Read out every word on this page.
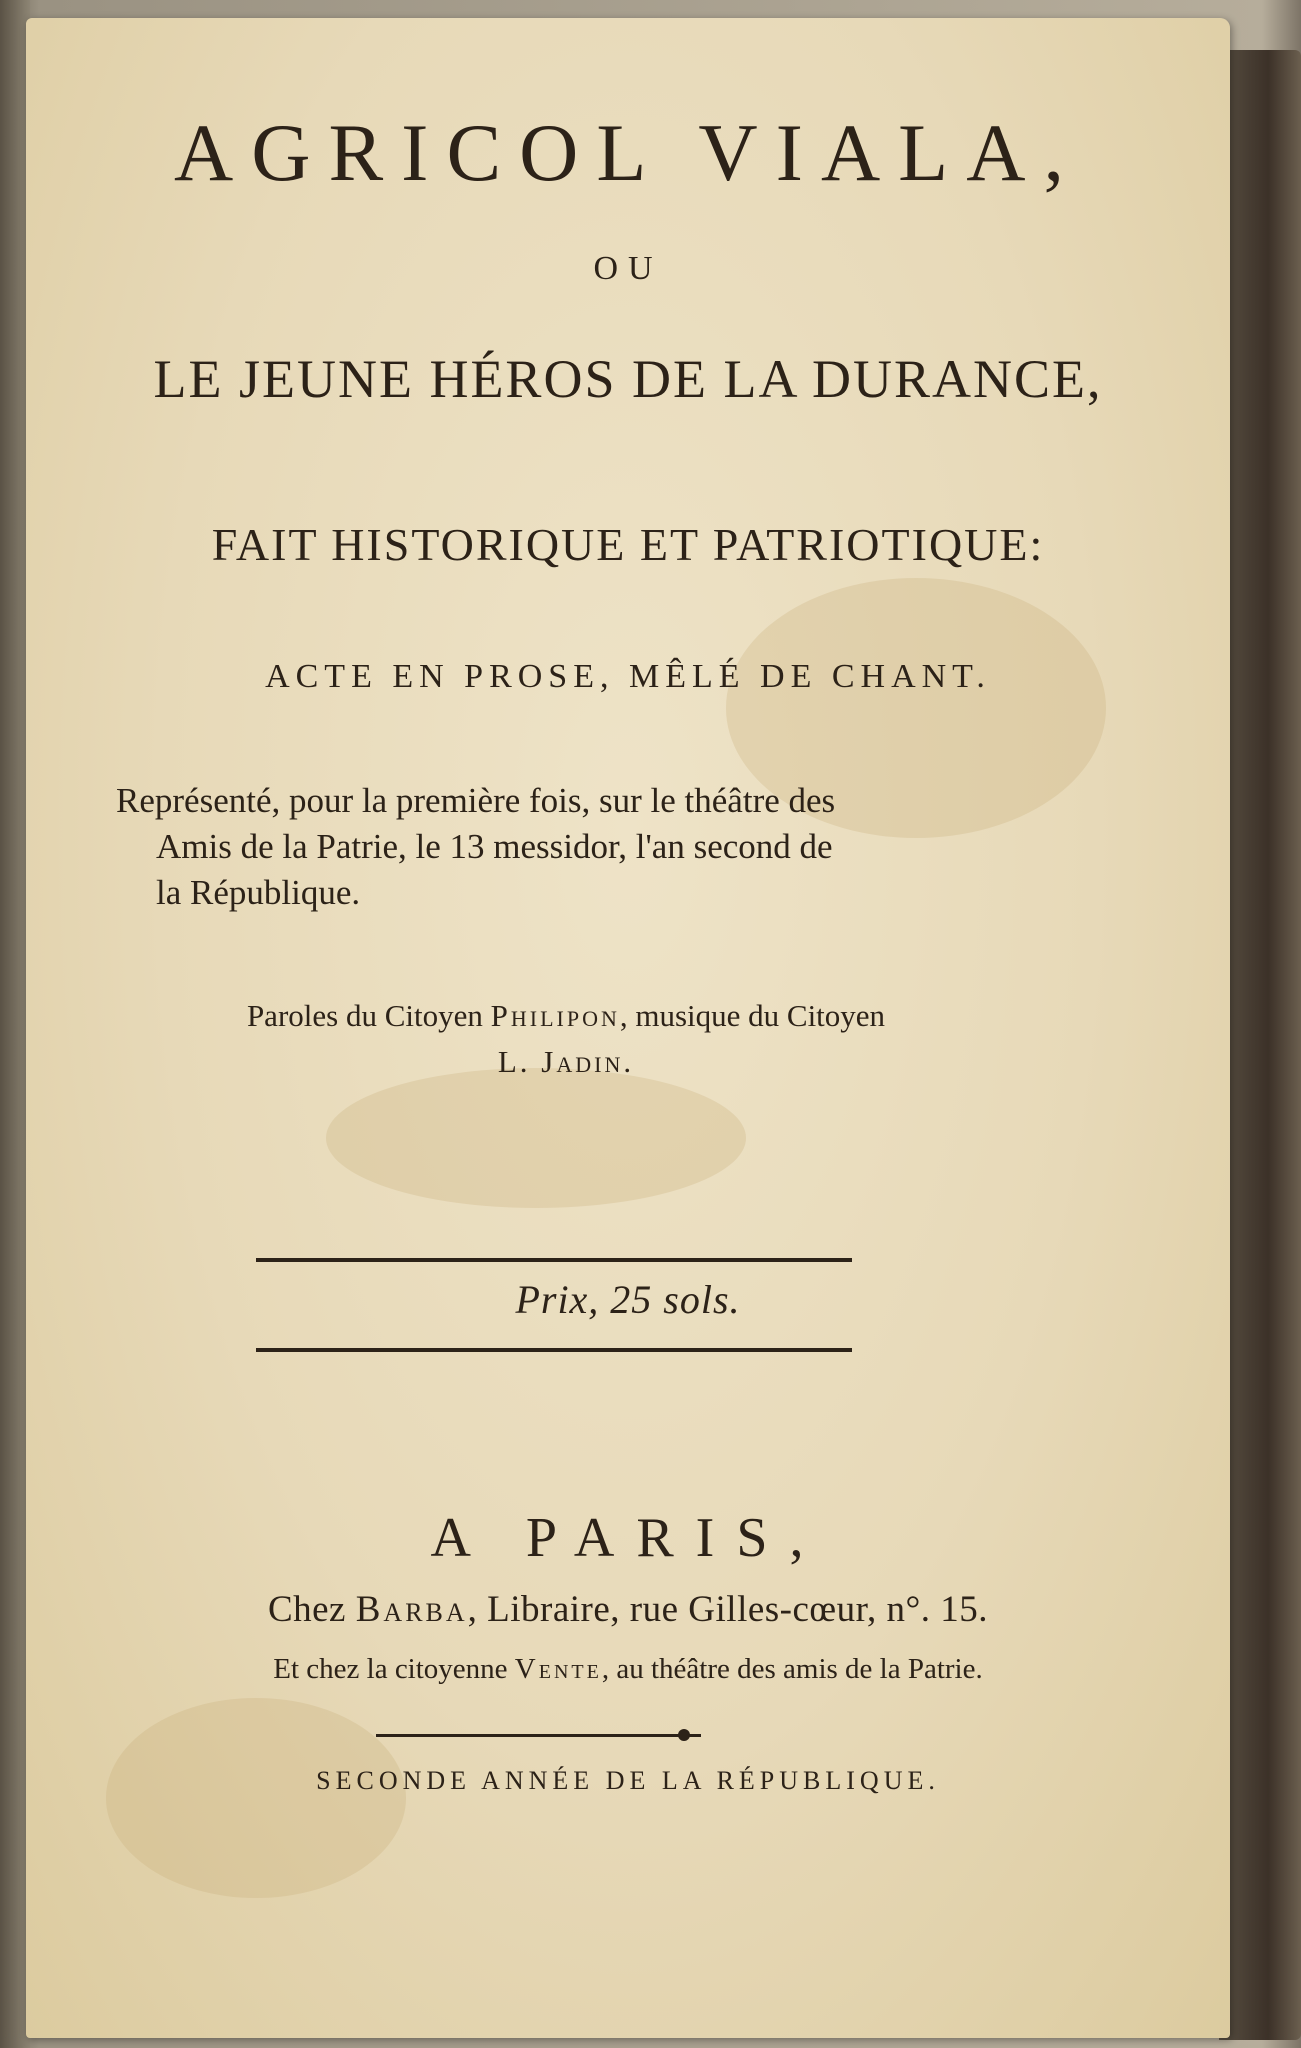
AGRICOL VIALA,

OU

LE JEUNE HÉROS DE LA DURANCE,

FAIT HISTORIQUE ET PATRIOTIQUE:

ACTE EN PROSE, MÊLÉ DE CHANT.

Représenté, pour la première fois, sur le théâtre des
Amis de la Patrie, le 13 messidor, l'an second de
la République.

Paroles du Citoyen Philipon, musique du Citoyen
L. Jadin.

Prix, 25 sols.

A PARIS,

Chez Barba, Libraire, rue Gilles-cœur, n°. 15.

Et chez la citoyenne Vente, au théâtre des amis de la Patrie.

SECONDE ANNÉE DE LA RÉPUBLIQUE.
